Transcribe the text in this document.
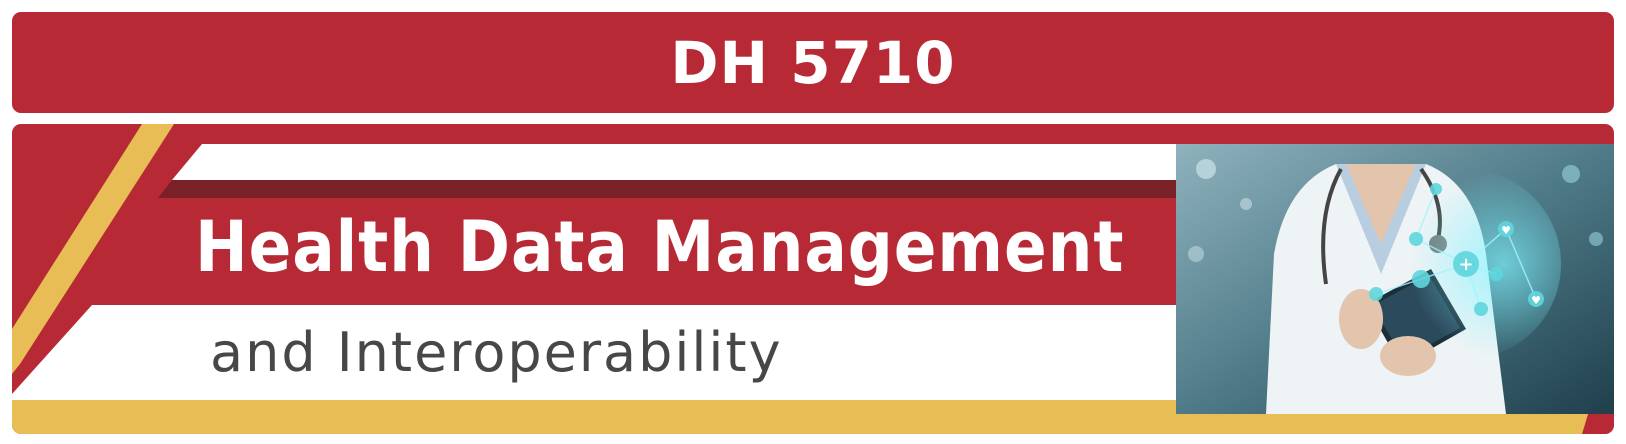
DH 5710
Health Data Management

and Interoperability

+
♥
♥
